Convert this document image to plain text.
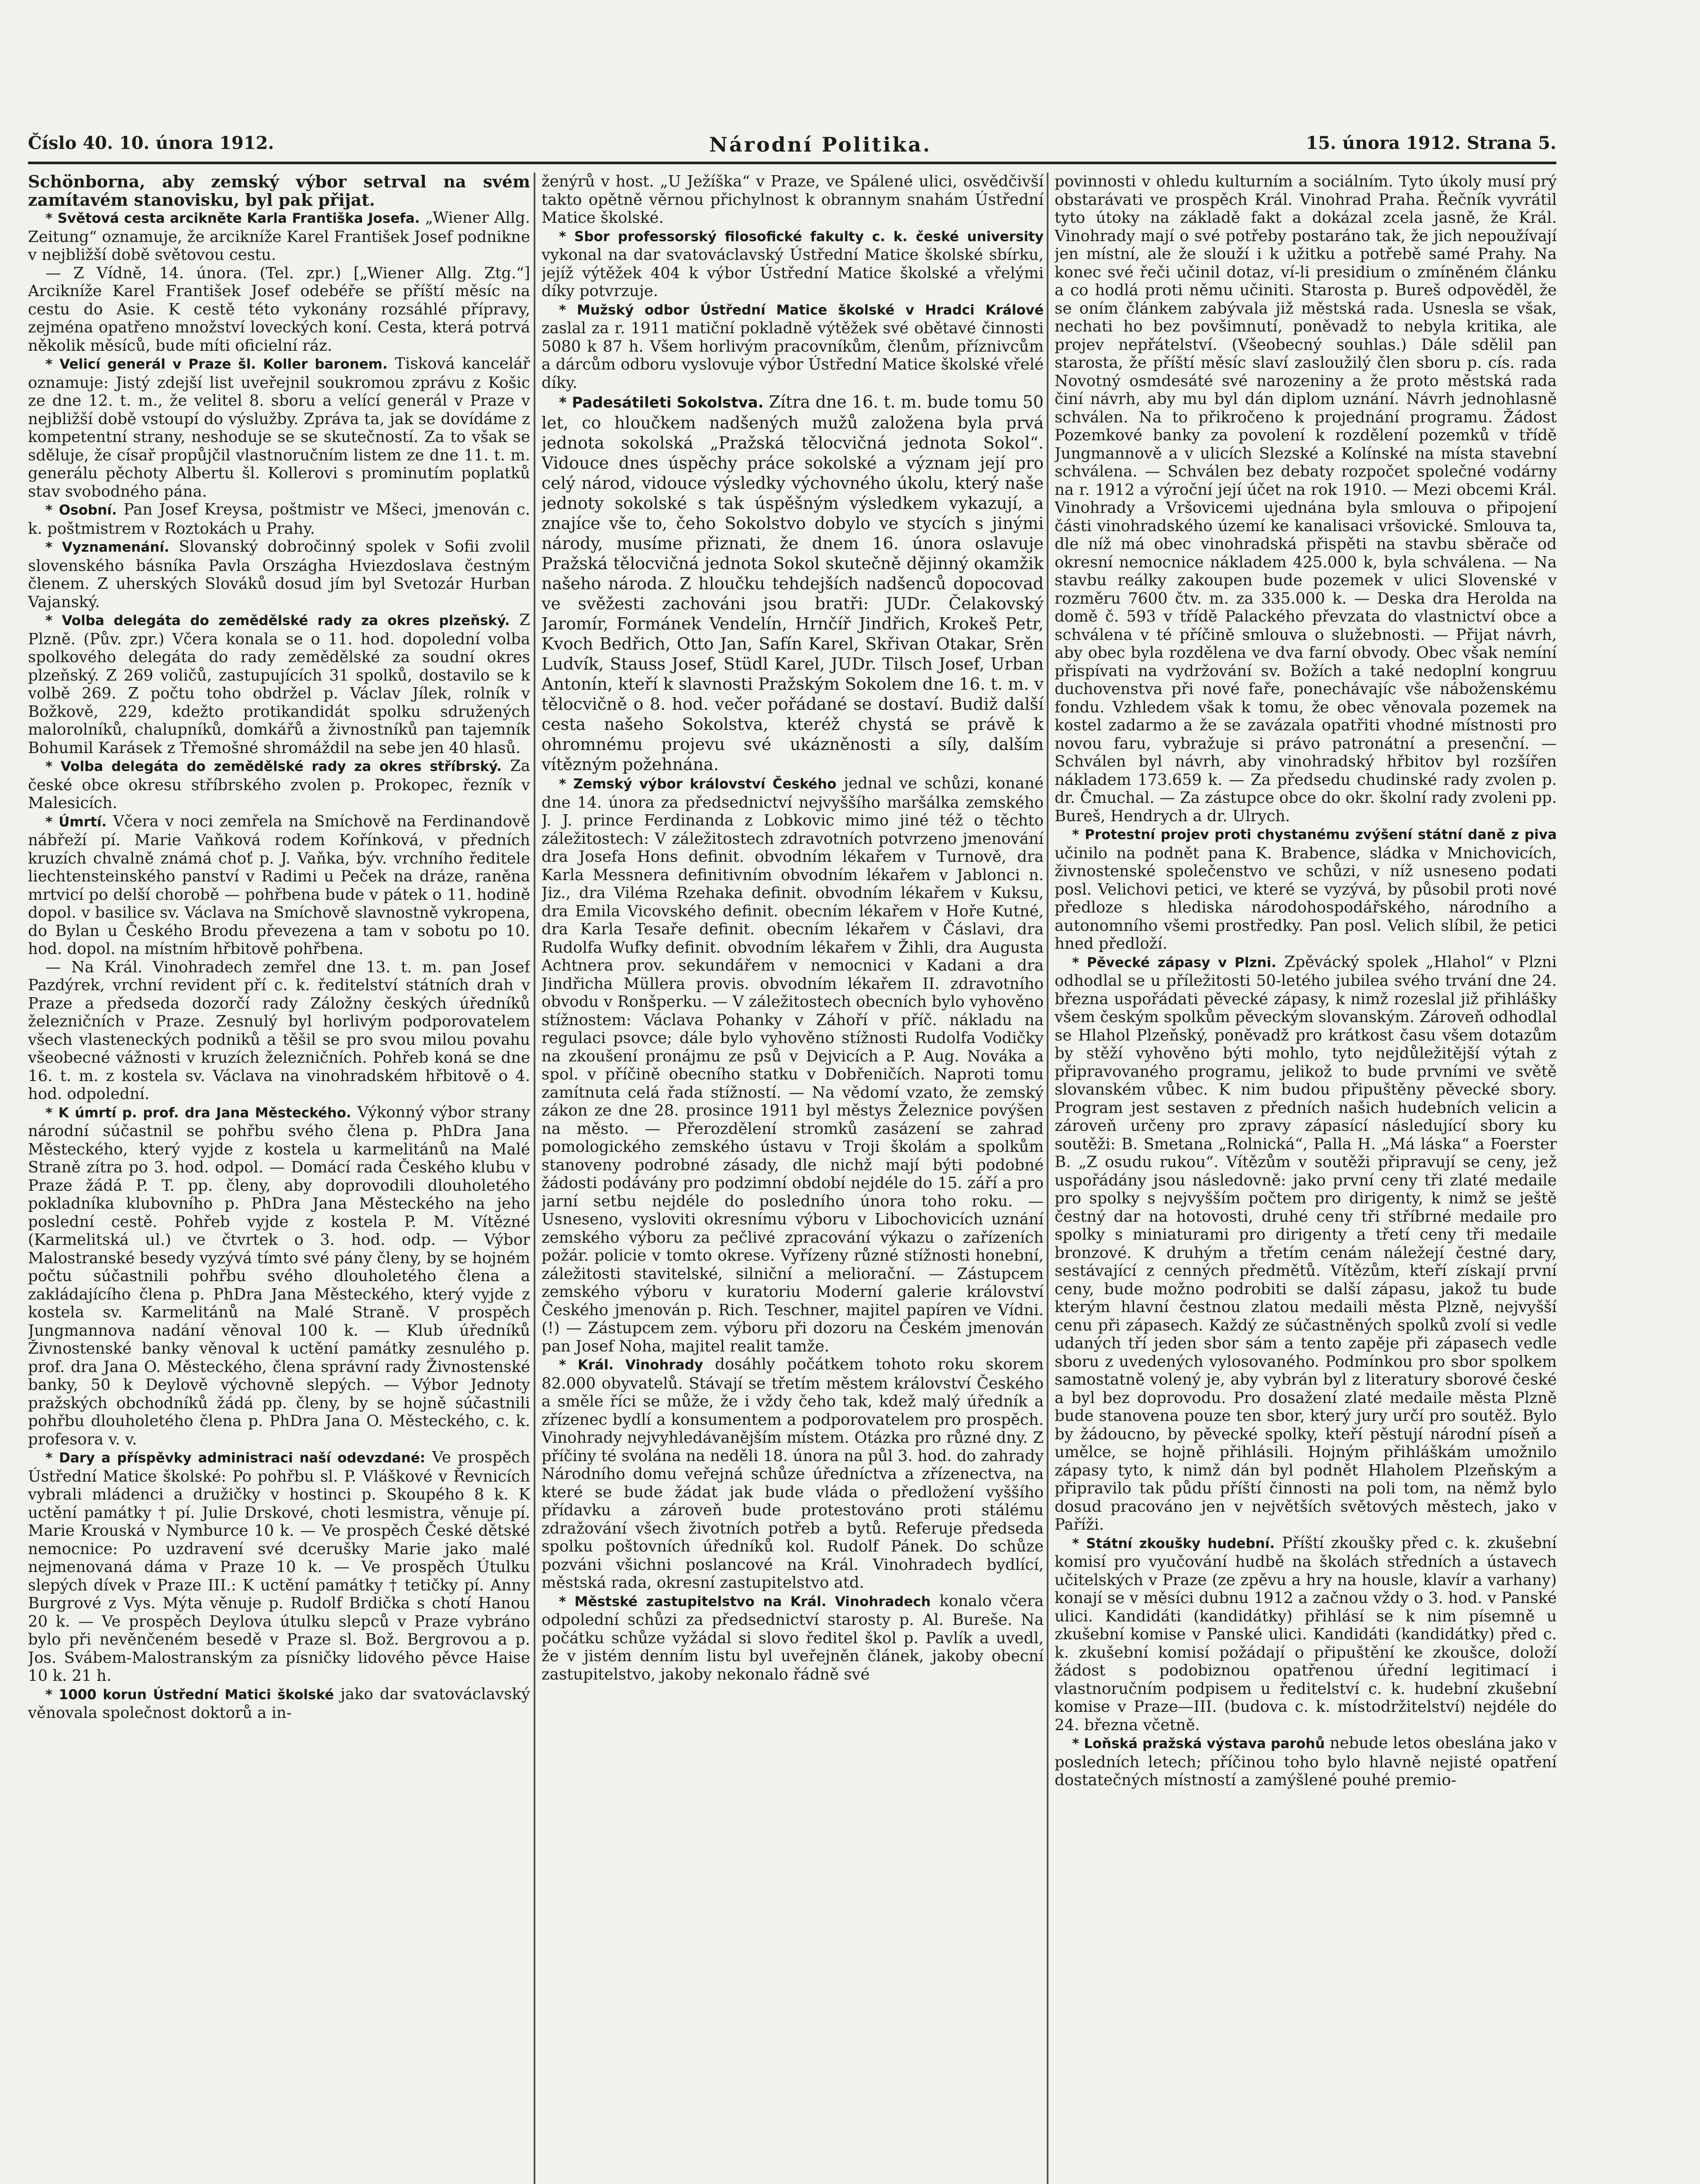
Číslo 40. 10. února 1912.	Národní Politika.	15. února 1912. Strana 5.

Schönborna, aby zemský výbor setrval na svém zamítavém stanovisku, byl pak přijat.

* Světová cesta arcikněte Karla Františka Josefa. „Wiener Allg. Zeitung“ oznamuje, že arcikníže Karel František Josef podnikne v nejbližší době světovou cestu.

— Z Vídně, 14. února. (Tel. zpr.) [„Wiener Allg. Ztg.“] Arcikníže Karel František Josef odebéře se příští měsíc na cestu do Asie. K cestě této vykonány rozsáhlé přípravy, zejména opatřeno množství loveckých koní. Cesta, která potrvá několik měsíců, bude míti oficielní ráz.

* Velicí generál v Praze šl. Koller baronem. Tisková kancelář oznamuje: Jistý zdejší list uveřejnil soukromou zprávu z Košic ze dne 12. t. m., že velitel 8. sboru a velící generál v Praze v nejbližší době vstoupí do výslužby. Zpráva ta, jak se dovídáme z kompetentní strany, neshoduje se se skutečností. Za to však se sděluje, že císař propůjčil vlastnoručním listem ze dne 11. t. m. generálu pěchoty Albertu šl. Kollerovi s prominutím poplatků stav svobodného pána.

* Osobní. Pan Josef Kreysa, poštmistr ve Mšeci, jmenován c. k. poštmistrem v Roztokách u Prahy.

* Vyznamenání. Slovanský dobročinný spolek v Sofii zvolil slovenského básníka Pavla Országha Hviezdoslava čestným členem. Z uherských Slováků dosud jím byl Svetozár Hurban Vajanský.

* Volba delegáta do zemědělské rady za okres plzeňský. Z Plzně. (Pův. zpr.) Včera konala se o 11. hod. dopolední volba spolkového delegáta do rady zemědělské za soudní okres plzeňský. Z 269 voličů, zastupujících 31 spolků, dostavilo se k volbě 269. Z počtu toho obdržel p. Václav Jílek, rolník v Božkově, 229, kdežto protikandidát spolku sdružených malorolníků, chalupníků, domkářů a živnostníků pan tajemník Bohumil Karásek z Třemošné shromáždil na sebe jen 40 hlasů.

* Volba delegáta do zemědělské rady za okres stříbrský. Za české obce okresu stříbrského zvolen p. Prokopec, řezník v Malesicích.

* Úmrtí. Včera v noci zemřela na Smíchově na Ferdinandově nábřeží pí. Marie Vaňková rodem Kořínková, v předních kruzích chvalně známá choť p. J. Vaňka, býv. vrchního ředitele liechtensteinského panství v Radimi u Peček na dráze, raněna mrtvicí po delší chorobě — pohřbena bude v pátek o 11. hodině dopol. v basilice sv. Václava na Smíchově slavnostně vykropena, do Bylan u Českého Brodu převezena a tam v sobotu po 10. hod. dopol. na místním hřbitově pohřbena.

— Na Král. Vinohradech zemřel dne 13. t. m. pan Josef Pazdýrek, vrchní revident pří c. k. ředitelství státních drah v Praze a předseda dozorčí rady Záložny českých úředníků železničních v Praze. Zesnulý byl horlivým podporovatelem všech vlasteneckých podniků a těšil se pro svou milou povahu všeobecné vážnosti v kruzích železničních. Pohřeb koná se dne 16. t. m. z kostela sv. Václava na vinohradském hřbitově o 4. hod. odpolední.

* K úmrtí p. prof. dra Jana Městeckého. Výkonný výbor strany národní súčastnil se pohřbu svého člena p. PhDra Jana Městeckého, který vyjde z kostela u karmelitánů na Malé Straně zítra po 3. hod. odpol. — Domácí rada Českého klubu v Praze žádá P. T. pp. členy, aby doprovodili dlouholetého pokladníka klubovního p. PhDra Jana Městeckého na jeho poslední cestě. Pohřeb vyjde z kostela P. M. Vítězné (Karmelitská ul.) ve čtvrtek o 3. hod. odp. — Výbor Malostranské besedy vyzývá tímto své pány členy, by se hojném počtu súčastnili pohřbu svého dlouholetého člena a zakládajícího člena p. PhDra Jana Městeckého, který vyjde z kostela sv. Karmelitánů na Malé Straně. V prospěch Jungmannova nadání věnoval 100 k. — Klub úředníků Živnostenské banky věnoval k uctění památky zesnulého p. prof. dra Jana O. Městeckého, člena správní rady Živnostenské banky, 50 k Deylově výchovně slepých. — Výbor Jednoty pražských obchodníků žádá pp. členy, by se hojně súčastnili pohřbu dlouholetého člena p. PhDra Jana O. Městeckého, c. k. profesora v. v.

* Dary a příspěvky administraci naší odevzdané: Ve prospěch Ústřední Matice školské: Po pohřbu sl. P. Vláškové v Řevnicích vybrali mládenci a družičky v hostinci p. Skoupého 8 k. K uctění památky † pí. Julie Drskové, choti lesmistra, věnuje pí. Marie Krouská v Nymburce 10 k. — Ve prospěch České dětské nemocnice: Po uzdravení své dcerušky Marie jako malé nejmenovaná dáma v Praze 10 k. — Ve prospěch Útulku slepých dívek v Praze III.: K uctění památky † tetičky pí. Anny Burgrové z Vys. Mýta věnuje p. Rudolf Brdička s chotí Hanou 20 k. — Ve prospěch Deylova útulku slepců v Praze vybráno bylo při nevěnčeném besedě v Praze sl. Bož. Bergrovou a p. Jos. Svábem-Malostranským za písničky lidového pěvce Haise 10 k. 21 h.

* 1000 korun Ústřední Matici školské jako dar svatováclavský věnovala společnost doktorů a in-

ženýrů v host. „U Ježíška“ v Praze, ve Spálené ulici, osvědčivší takto opětně věrnou přichylnost k obrannym snahám Ústřední Matice školské.

* Sbor professorský filosofické fakulty c. k. české university vykonal na dar svatováclavský Ústřední Matice školské sbírku, jejíž výtěžek 404 k výbor Ústřední Matice školské a vřelými díky potvrzuje.

* Mužský odbor Ústřední Matice školské v Hradci Králové zaslal za r. 1911 matiční pokladně výtěžek své obětavé činnosti 5080 k 87 h. Všem horlivým pracovníkům, členům, příznivcům a dárcům odboru vyslovuje výbor Ústřední Matice školské vřelé díky.

* Padesátileti Sokolstva. Zítra dne 16. t. m. bude tomu 50 let, co hloučkem nadšených mužů založena byla prvá jednota sokolská „Pražská tělocvičná jednota Sokol“. Vidouce dnes úspěchy práce sokolské a význam její pro celý národ, vidouce výsledky výchovného úkolu, který naše jednoty sokolské s tak úspěšným výsledkem vykazují, a znajíce vše to, čeho Sokolstvo dobylo ve stycích s jinými národy, musíme přiznati, že dnem 16. února oslavuje Pražská tělocvičná jednota Sokol skutečně dějinný okamžik našeho národa. Z hloučku tehdejších nadšenců dopocovad ve svěžesti zachováni jsou bratři: JUDr. Čelakovský Jaromír, Formánek Vendelín, Hrnčíř Jindřich, Krokeš Petr, Kvoch Bedřich, Otto Jan, Safín Karel, Skřivan Otakar, Srěn Ludvík, Stauss Josef, Stüdl Karel, JUDr. Tilsch Josef, Urban Antonín, kteří k slavnosti Pražským Sokolem dne 16. t. m. v tělocvičně o 8. hod. večer pořádané se dostaví. Budiž další cesta našeho Sokolstva, kteréž chystá se právě k ohromnému projevu své ukázněnosti a síly, dalším vítězným požehnána.

* Zemský výbor království Českého jednal ve schůzi, konané dne 14. února za předsednictví nejvyššího maršálka zemského J. J. prince Ferdinanda z Lobkovic mimo jiné též o těchto záležitostech: V záležitostech zdravotních potvrzeno jmenování dra Josefa Hons definit. obvodním lékařem v Turnově, dra Karla Messnera definitivním obvodním lékařem v Jablonci n. Jiz., dra Viléma Rzehaka definit. obvodním lékařem v Kuksu, dra Emila Vicovského definit. obecním lékařem v Hoře Kutné, dra Karla Tesaře definit. obecním lékařem v Čáslavi, dra Rudolfa Wufky definit. obvodním lékařem v Žihli, dra Augusta Achtnera prov. sekundářem v nemocnici v Kadani a dra Jindřicha Müllera provis. obvodním lékařem II. zdravotního obvodu v Ronšperku. — V záležitostech obecních bylo vyhověno stížnostem: Václava Pohanky v Záhoří v příč. nákladu na regulaci psovce; dále bylo vyhověno stížnosti Rudolfa Vodičky na zkoušení pronájmu ze psů v Dejvicích a P. Aug. Nováka a spol. v příčině obecního statku v Dobřeničích. Naproti tomu zamítnuta celá řada stížností. — Na vědomí vzato, že zemský zákon ze dne 28. prosince 1911 byl městys Železnice povýšen na město. — Přerozdělení stromků zasázení se zahrad pomologického zemského ústavu v Troji školám a spolkům stanoveny podrobné zásady, dle nichž mají býti podobné žádosti podávány pro podzimní období nejdéle do 15. září a pro jarní setbu nejdéle do posledního února toho roku. — Usneseno, vysloviti okresnímu výboru v Libochovicích uznání zemského výboru za pečlivé zpracování výkazu o zařízeních požár. policie v tomto okrese. Vyřízeny různé stížnosti honební, záležitosti stavitelské, silniční a meliorační. — Zástupcem zemského výboru v kuratoriu Moderní galerie království Českého jmenován p. Rich. Teschner, majitel papíren ve Vídni. (!) — Zástupcem zem. výboru při dozoru na Českém jmenován pan Josef Noha, majitel realit tamže.

* Král. Vinohrady dosáhly počátkem tohoto roku skorem 82.000 obyvatelů. Stávají se třetím městem království Českého a směle říci se může, že i vždy čeho tak, kdež malý úředník a zřízenec bydlí a konsumentem a podporovatelem pro prospěch. Vinohrady nejvyhledávanějším místem. Otázka pro různé dny. Z příčiny té svolána na neděli 18. února na půl 3. hod. do zahrady Národního domu veřejná schůze úředníctva a zřízenectva, na které se bude žádat jak bude vláda o předložení vyššího přídavku a zároveň bude protestováno proti stálému zdražování všech životních potřeb a bytů. Referuje předseda spolku poštovních úředníků kol. Rudolf Pánek. Do schůze pozváni všichni poslancové na Král. Vinohradech bydlící, městská rada, okresní zastupitelstvo atd.

* Městské zastupitelstvo na Král. Vinohradech konalo včera odpolední schůzi za předsednictví starosty p. Al. Bureše. Na počátku schůze vyžádal si slovo ředitel škol p. Pavlík a uvedl, že v jistém denním listu byl uveřejněn článek, jakoby obecní zastupitelstvo, jakoby nekonalo řádně své

povinnosti v ohledu kulturním a sociálním. Tyto úkoly musí prý obstarávati ve prospěch Král. Vinohrad Praha. Řečník vyvrátil tyto útoky na základě fakt a dokázal zcela jasně, že Král. Vinohrady mají o své potřeby postaráno tak, že jich nepoužívají jen místní, ale že slouží i k užitku a potřebě samé Prahy. Na konec své řeči učinil dotaz, ví-li presidium o zmíněném článku a co hodlá proti němu učiniti. Starosta p. Bureš odpověděl, že se oním článkem zabývala již městská rada. Usnesla se však, nechati ho bez povšimnutí, poněvadž to nebyla kritika, ale projev nepřátelství. (Všeobecný souhlas.) Dále sdělil pan starosta, že příští měsíc slaví zasloužilý člen sboru p. cís. rada Novotný osmdesáté své narozeniny a že proto městská rada činí návrh, aby mu byl dán diplom uznání. Návrh jednohlasně schválen. Na to přikročeno k projednání programu. Žádost Pozemkové banky za povolení k rozdělení pozemků v třídě Jungmannově a v ulicích Slezské a Kolínské na místa stavební schválena. — Schválen bez debaty rozpočet společné vodárny na r. 1912 a výroční její účet na rok 1910. — Mezi obcemi Král. Vinohrady a Vršovicemi ujednána byla smlouva o připojení části vinohradského území ke kanalisaci vršovické. Smlouva ta, dle níž má obec vinohradská přispěti na stavbu sběrače od okresní nemocnice nákladem 425.000 k, byla schválena. — Na stavbu reálky zakoupen bude pozemek v ulici Slovenské v rozměru 7600 čtv. m. za 335.000 k. — Deska dra Herolda na domě č. 593 v třídě Palackého převzata do vlastnictví obce a schválena v té příčině smlouva o služebnosti. — Přijat návrh, aby obec byla rozdělena ve dva farní obvody. Obec však nemíní přispívati na vydržování sv. Božích a také nedoplní kongruu duchovenstva při nové faře, ponechávajíc vše náboženskému fondu. Vzhledem však k tomu, že obec věnovala pozemek na kostel zadarmo a že se zavázala opatřiti vhodné místnosti pro novou faru, vybražuje si právo patronátní a presenční. — Schválen byl návrh, aby vinohradský hřbitov byl rozšířen nákladem 173.659 k. — Za předsedu chudinské rady zvolen p. dr. Čmuchal. — Za zástupce obce do okr. školní rady zvoleni pp. Bureš, Hendrych a dr. Ulrych.

* Protestní projev proti chystanému zvýšení státní daně z piva učinilo na podnět pana K. Brabence, sládka v Mnichovicích, živnostenské společenstvo ve schůzi, v níž usneseno podati posl. Velichovi petici, ve které se vyzývá, by působil proti nové předloze s hlediska národohospodářského, národního a autonomního všemi prostředky. Pan posl. Velich slíbil, že petici hned předloží.

* Pěvecké zápasy v Plzni. Zpěvácký spolek „Hlahol“ v Plzni odhodlal se u příležitosti 50-letého jubilea svého trvání dne 24. března uspořádati pěvecké zápasy, k nimž rozeslal již přihlášky všem českým spolkům pěveckým slovanským. Zároveň odhodlal se Hlahol Plzeňský, poněvadž pro krátkost času všem dotazům by stěží vyhověno býti mohlo, tyto nejdůležitější výtah z připravovaného programu, jelikož to bude prvními ve světě slovanském vůbec. K nim budou připuštěny pěvecké sbory. Program jest sestaven z předních našich hudebních velicin a zároveň určeny pro zpravy zápasící následující sbory ku soutěži: B. Smetana „Rolnická“, Palla H. „Má láska“ a Foerster B. „Z osudu rukou“. Vítězům v soutěži připravují se ceny, jež uspořádány jsou následovně: jako první ceny tři zlaté medaile pro spolky s nejvyšším počtem pro dirigenty, k nimž se ještě čestný dar na hotovosti, druhé ceny tři stříbrné medaile pro spolky s miniaturami pro dirigenty a třetí ceny tři medaile bronzové. K druhým a třetím cenám náležejí čestné dary, sestávající z cenných předmětů. Vítězům, kteří získají první ceny, bude možno podrobiti se další zápasu, jakož tu bude kterým hlavní čestnou zlatou medaili města Plzně, nejvyšší cenu při zápasech. Každý ze súčastněných spolků zvolí si vedle udaných tří jeden sbor sám a tento zapěje při zápasech vedle sboru z uvedených vylosovaného. Podmínkou pro sbor spolkem samostatně volený je, aby vybrán byl z literatury sborové české a byl bez doprovodu. Pro dosažení zlaté medaile města Plzně bude stanovena pouze ten sbor, který jury určí pro soutěž. Bylo by žádoucno, by pěvecké spolky, kteří pěstují národní píseň a umělce, se hojně přihlásili. Hojným přihláškám umožnilo zápasy tyto, k nimž dán byl podnět Hlaholem Plzeňským a připravilo tak půdu příští činnosti na poli tom, na němž bylo dosud pracováno jen v největších světových městech, jako v Paříži.

* Státní zkoušky hudební. Příští zkoušky před c. k. zkušební komisí pro vyučování hudbě na školách středních a ústavech učitelských v Praze (ze zpěvu a hry na housle, klavír a varhany) konají se v měsíci dubnu 1912 a začnou vždy o 3. hod. v Panské ulici. Kandidáti (kandidátky) přihlásí se k nim písemně u zkušební komise v Panské ulici. Kandidáti (kandidátky) před c. k. zkušební komisí požádají o připuštění ke zkoušce, doloží žádost s podobiznou opatřenou úřední legitimací i vlastnoručním podpisem u ředitelství c. k. hudební zkušební komise v Praze—III. (budova c. k. místodržitelství) nejdéle do 24. března včetně.

* Loňská pražská výstava parohů nebude letos obeslána jako v posledních letech; příčinou toho bylo hlavně nejisté opatření dostatečných místností a zamýšlené pouhé premio-
